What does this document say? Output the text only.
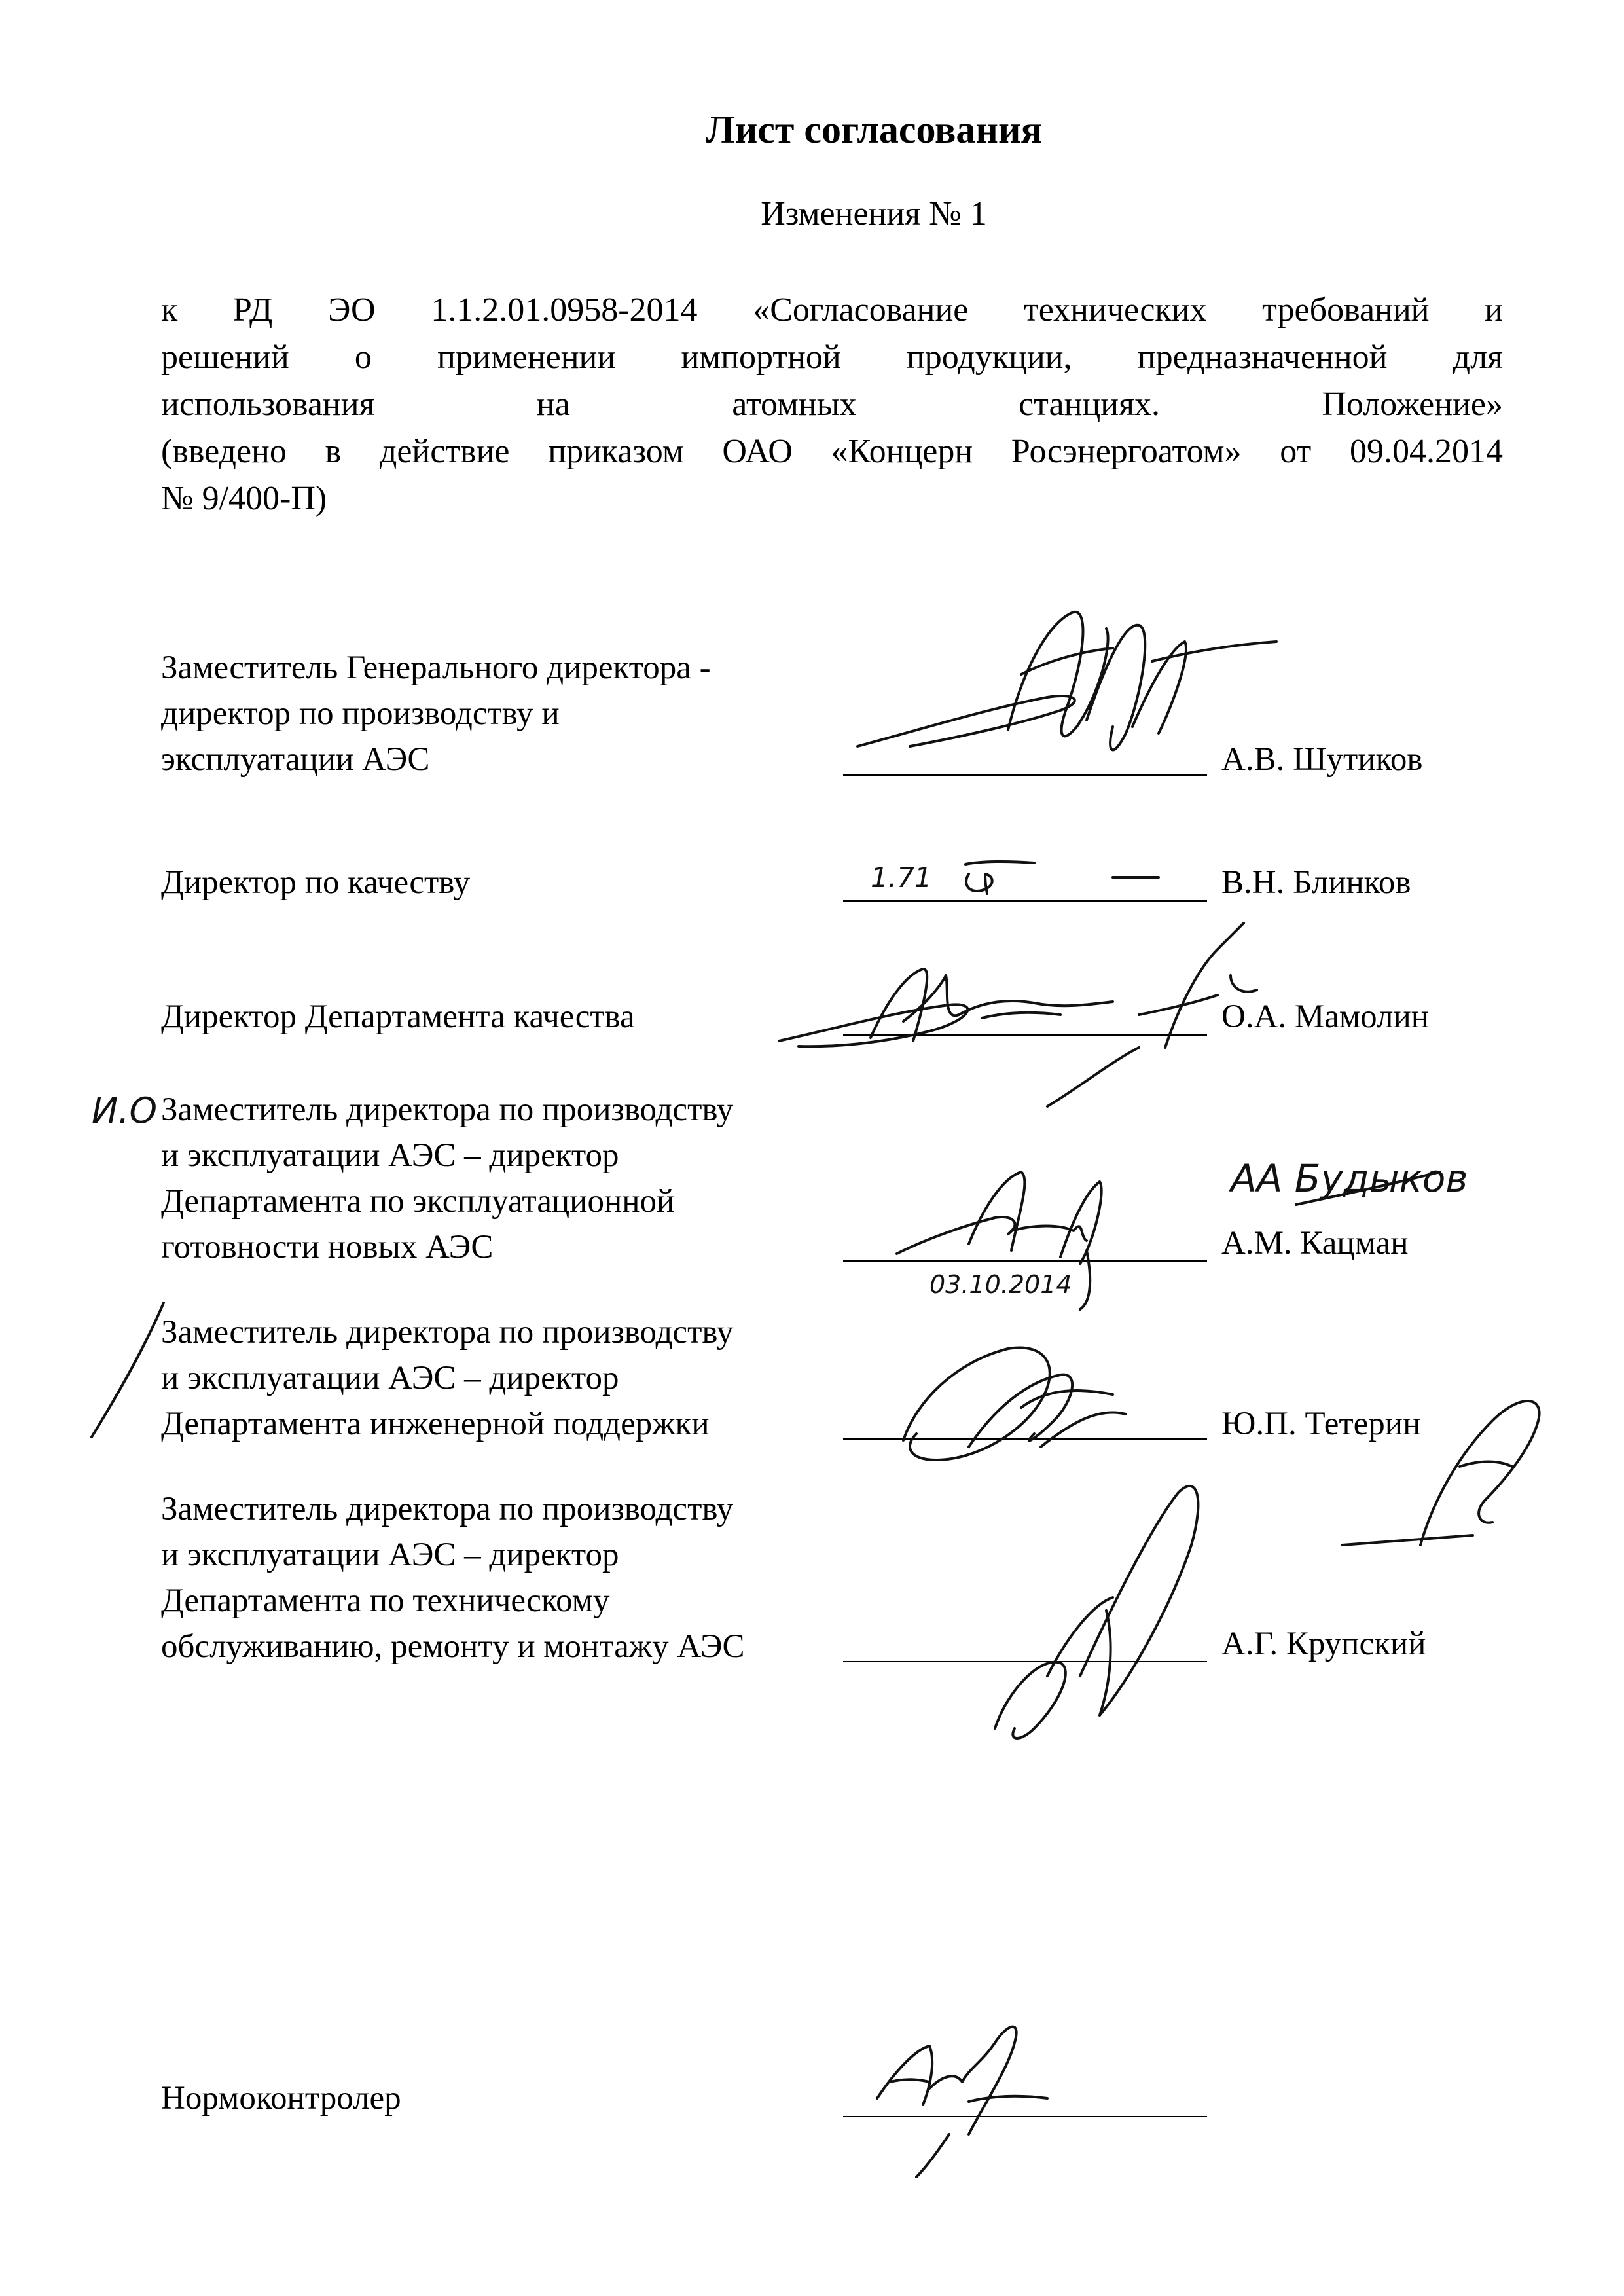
Лист согласования
Изменения № 1
к РД ЭО 1.1.2.01.0958-2014 «Согласование технических требований и
решений о применении импортной продукции, предназначенной для
использования на атомных станциях. Положение»
(введено в действие приказом ОАО «Концерн Росэнергоатом» от 09.04.2014
№ 9/400-П)
Заместитель Генерального директора -
директор по производству и
эксплуатации АЭС	А.В. Шутиков
Директор по качеству	В.Н. Блинков
Директор Департамента качества	О.А. Мамолин
Заместитель директора по производству
и эксплуатации АЭС – директор
Департамента по эксплуатационной
готовности новых АЭС	А.М. Кацман
Заместитель директора по производству
и эксплуатации АЭС – директор
Департамента инженерной поддержки	Ю.П. Тетерин
Заместитель директора по производству
и эксплуатации АЭС – директор
Департамента по техническому
обслуживанию, ремонту и монтажу АЭС	А.Г. Крупский
Нормоконтролер
1.71
И.О
АА Будыков
03.10.2014
